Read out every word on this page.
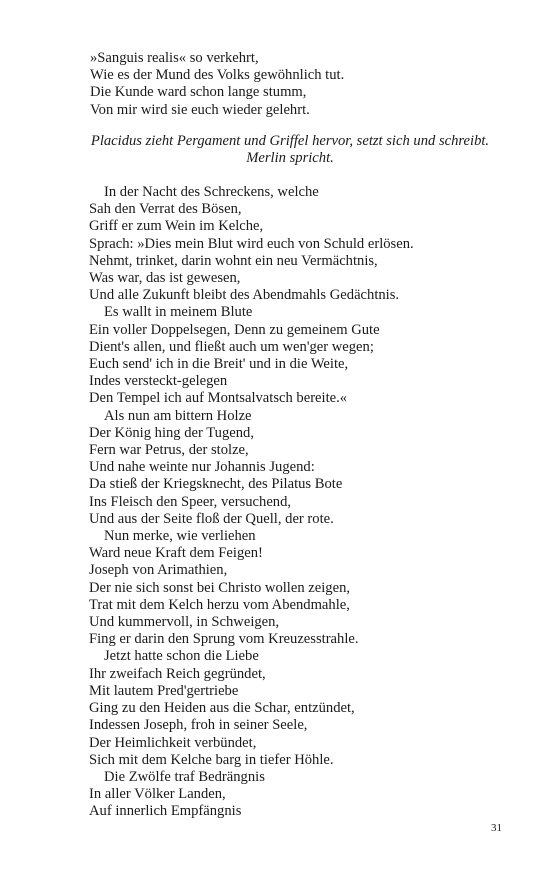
»Sanguis realis« so verkehrt,
Wie es der Mund des Volks gewöhnlich tut.
Die Kunde ward schon lange stumm,
Von mir wird sie euch wieder gelehrt.
Placidus zieht Pergament und Griffel hervor, setzt sich und schreibt.
Merlin spricht.
In der Nacht des Schreckens, welche
Sah den Verrat des Bösen,
Griff er zum Wein im Kelche,
Sprach: »Dies mein Blut wird euch von Schuld erlösen.
Nehmt, trinket, darin wohnt ein neu Vermächtnis,
Was war, das ist gewesen,
Und alle Zukunft bleibt des Abendmahls Gedächtnis.
Es wallt in meinem Blute
Ein voller Doppelsegen, Denn zu gemeinem Gute
Dient's allen, und fließt auch um wen'ger wegen;
Euch send' ich in die Breit' und in die Weite,
Indes versteckt-gelegen
Den Tempel ich auf Montsalvatsch bereite.«
Als nun am bittern Holze
Der König hing der Tugend,
Fern war Petrus, der stolze,
Und nahe weinte nur Johannis Jugend:
Da stieß der Kriegsknecht, des Pilatus Bote
Ins Fleisch den Speer, versuchend,
Und aus der Seite floß der Quell, der rote.
Nun merke, wie verliehen
Ward neue Kraft dem Feigen!
Joseph von Arimathien,
Der nie sich sonst bei Christo wollen zeigen,
Trat mit dem Kelch herzu vom Abendmahle,
Und kummervoll, in Schweigen,
Fing er darin den Sprung vom Kreuzesstrahle.
Jetzt hatte schon die Liebe
Ihr zweifach Reich gegründet,
Mit lautem Pred'gertriebe
Ging zu den Heiden aus die Schar, entzündet,
Indessen Joseph, froh in seiner Seele,
Der Heimlichkeit verbündet,
Sich mit dem Kelche barg in tiefer Höhle.
Die Zwölfe traf Bedrängnis
In aller Völker Landen,
Auf innerlich Empfängnis
31
